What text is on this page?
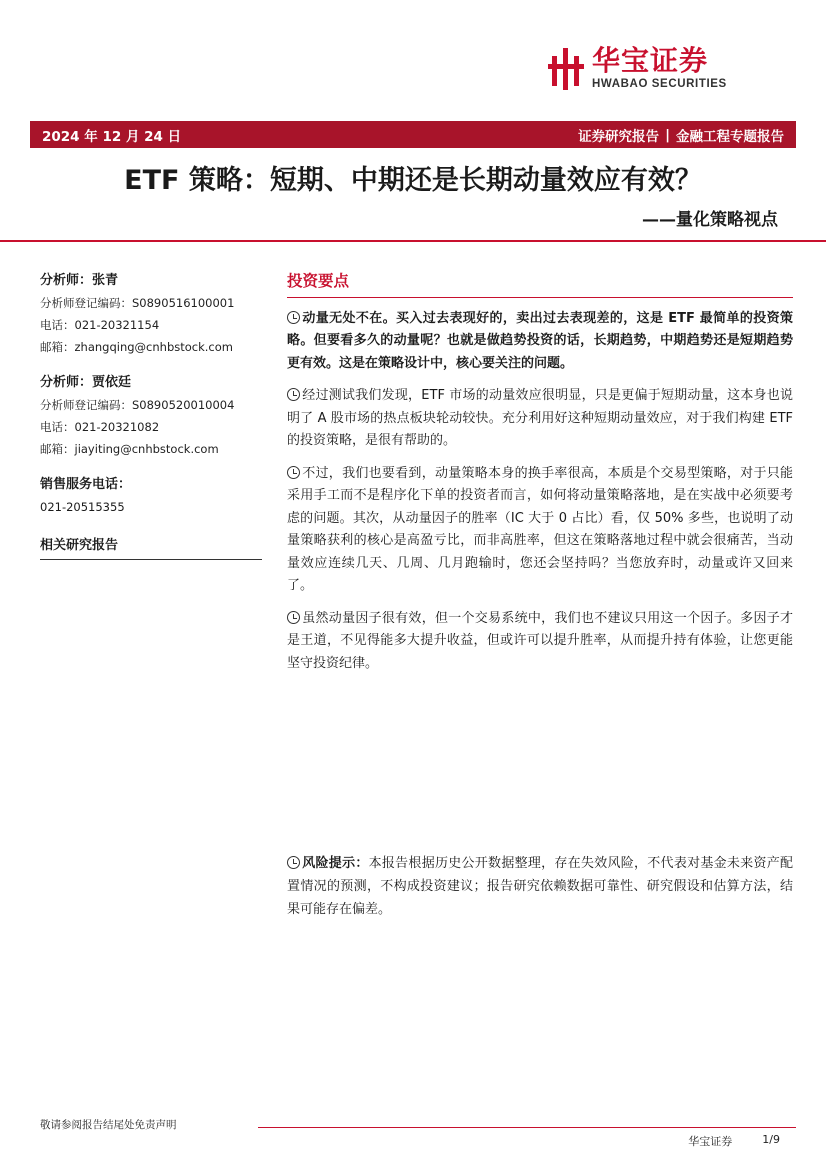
华宝证券
HWABAO SECURITIES
2024 年 12 月 24 日	证券研究报告 | 金融工程专题报告
ETF 策略：短期、中期还是长期动量效应有效？
——量化策略视点
分析师：张青
分析师登记编码：S0890516100001
电话：021-20321154
邮箱：zhangqing@cnhbstock.com
分析师：贾依廷
分析师登记编码：S0890520010004
电话：021-20321082
邮箱：jiayiting@cnhbstock.com
销售服务电话：
021-20515355
相关研究报告
投资要点

动量无处不在。买入过去表现好的，卖出过去表现差的，这是 ETF 最简单的投资策略。但要看多久的动量呢？也就是做趋势投资的话，长期趋势，中期趋势还是短期趋势更有效。这是在策略设计中，核心要关注的问题。

经过测试我们发现，ETF 市场的动量效应很明显，只是更偏于短期动量，这本身也说明了 A 股市场的热点板块轮动较快。充分利用好这种短期动量效应，对于我们构建 ETF 的投资策略，是很有帮助的。

不过，我们也要看到，动量策略本身的换手率很高，本质是个交易型策略，对于只能采用手工而不是程序化下单的投资者而言，如何将动量策略落地，是在实战中必须要考虑的问题。其次，从动量因子的胜率（IC 大于 0 占比）看，仅 50% 多些，也说明了动量策略获利的核心是高盈亏比，而非高胜率，但这在策略落地过程中就会很痛苦，当动量效应连续几天、几周、几月跑输时，您还会坚持吗？当您放弃时，动量或许又回来了。

虽然动量因子很有效，但一个交易系统中，我们也不建议只用这一个因子。多因子才是王道，不见得能多大提升收益，但或许可以提升胜率，从而提升持有体验，让您更能坚守投资纪律。

风险提示：本报告根据历史公开数据整理，存在失效风险，不代表对基金未来资产配置情况的预测，不构成投资建议；报告研究依赖数据可靠性、研究假设和估算方法，结果可能存在偏差。
敬请参阅报告结尾处免责声明
华宝证券	1/9
